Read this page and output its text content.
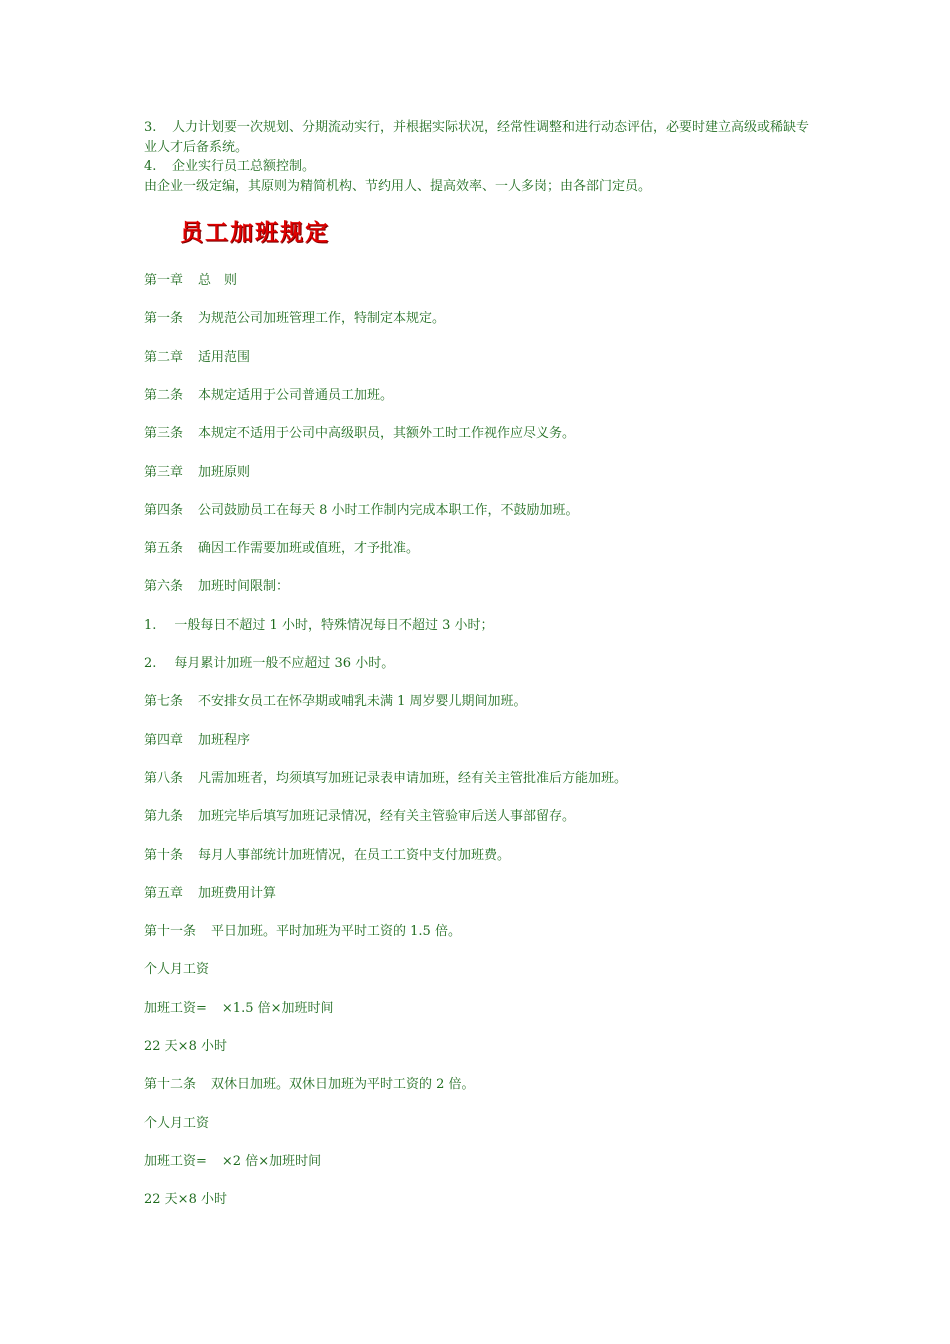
3. 人力计划要一次规划、分期流动实行，并根据实际状况，经常性调整和进行动态评估，必要时建立高级或稀缺专业人才后备系统。
4. 企业实行员工总额控制。
由企业一级定编，其原则为精简机构、节约用人、提高效率、一人多岗；由各部门定员。
员工加班规定
第一章 总　则
第一条 为规范公司加班管理工作，特制定本规定。
第二章 适用范围
第二条 本规定适用于公司普通员工加班。
第三条 本规定不适用于公司中高级职员，其额外工时工作视作应尽义务。
第三章 加班原则
第四条 公司鼓励员工在每天 8 小时工作制内完成本职工作，不鼓励加班。
第五条 确因工作需要加班或值班，才予批准。
第六条 加班时间限制：
1. 一般每日不超过 1 小时，特殊情况每日不超过 3 小时；
2. 每月累计加班一般不应超过 36 小时。
第七条 不安排女员工在怀孕期或哺乳未满 1 周岁婴儿期间加班。
第四章 加班程序
第八条 凡需加班者，均须填写加班记录表申请加班，经有关主管批准后方能加班。
第九条 加班完毕后填写加班记录情况，经有关主管验审后送人事部留存。
第十条 每月人事部统计加班情况，在员工工资中支付加班费。
第五章 加班费用计算
第十一条 平日加班。平时加班为平时工资的 1.5 倍。
个人月工资
加班工资= ×1.5 倍×加班时间
22 天×8 小时
第十二条 双休日加班。双休日加班为平时工资的 2 倍。
个人月工资
加班工资= ×2 倍×加班时间
22 天×8 小时
